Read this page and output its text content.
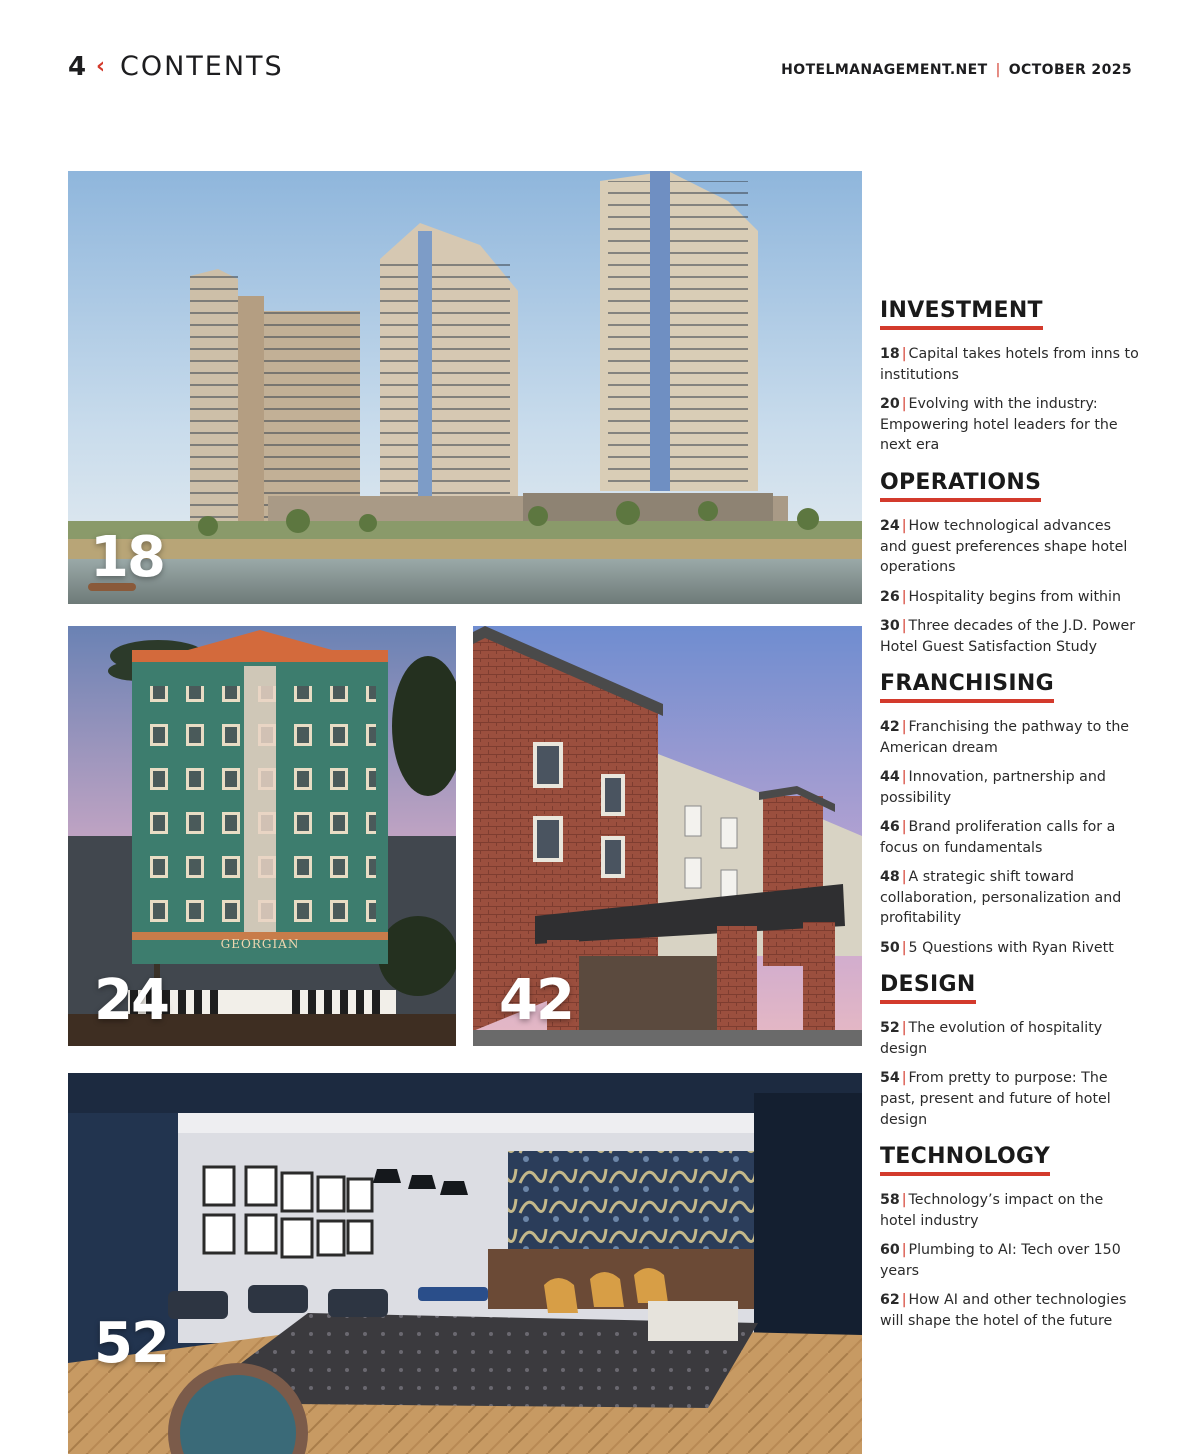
4 ‹ CONTENTS	HOTELMANAGEMENT.NET | OCTOBER 2025
18
GEORGIAN
24	42
52
INVESTMENT
18 | Capital takes hotels from inns to institutions
20 | Evolving with the industry: Empowering hotel leaders for the next era
OPERATIONS
24 | How technological advances and guest preferences shape hotel operations
26 | Hospitality begins from within
30 | Three decades of the J.D. Power Hotel Guest Satisfaction Study
FRANCHISING
42 | Franchising the pathway to the American dream
44 | Innovation, partnership and possibility
46 | Brand proliferation calls for a focus on fundamentals
48 | A strategic shift toward collaboration, personalization and profitability
50 | 5 Questions with Ryan Rivett
DESIGN
52 | The evolution of hospitality design
54 | From pretty to purpose: The past, present and future of hotel design
TECHNOLOGY
58 | Technology’s impact on the hotel industry
60 | Plumbing to AI: Tech over 150 years
62 | How AI and other technologies will shape the hotel of the future
